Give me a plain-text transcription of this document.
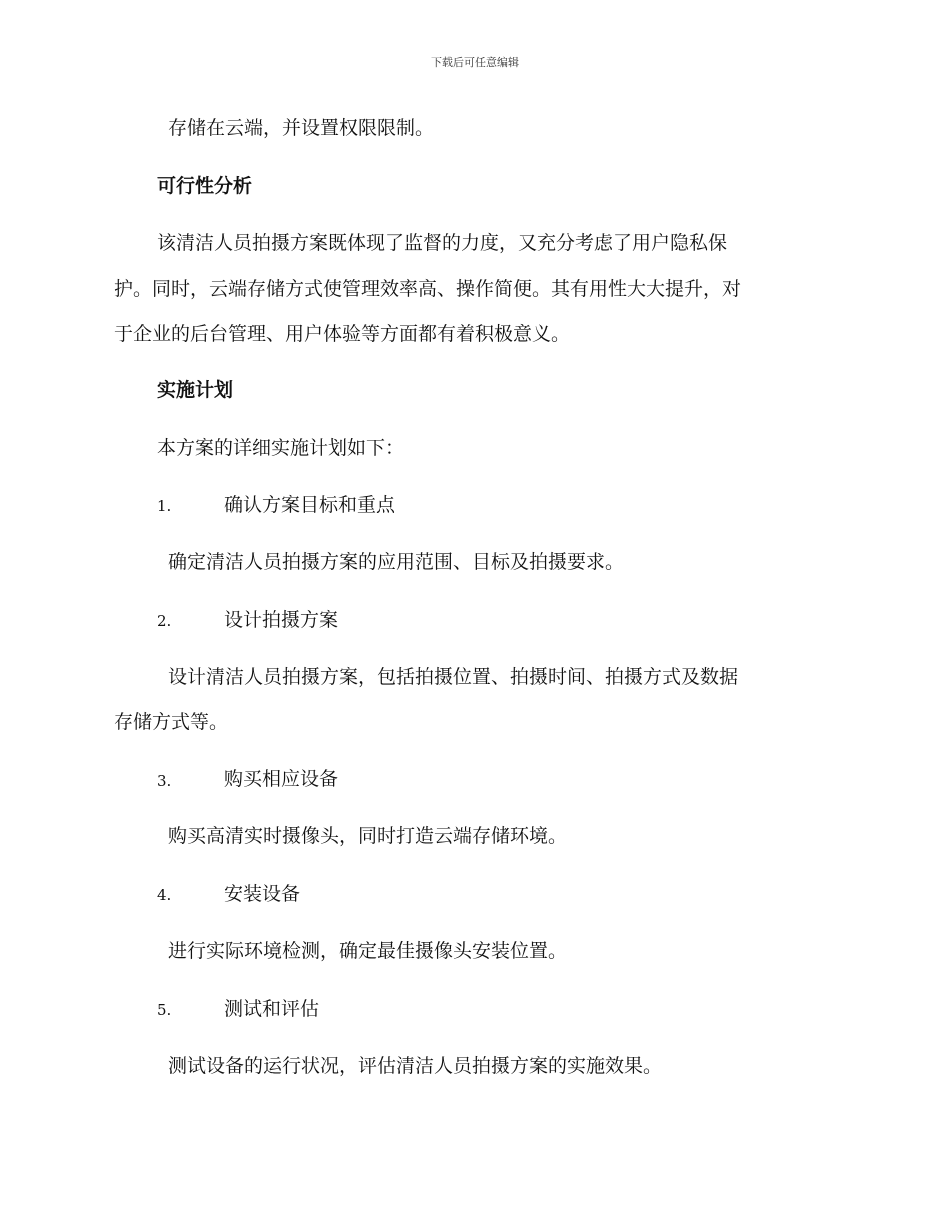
下载后可任意编辑
存储在云端，并设置权限限制。
可行性分析
该清洁人员拍摄方案既体现了监督的力度，又充分考虑了用户隐私保
护。同时，云端存储方式使管理效率高、操作简便。其有用性大大提升，对
于企业的后台管理、用户体验等方面都有着积极意义。
实施计划
本方案的详细实施计划如下：
1.	确认方案目标和重点
确定清洁人员拍摄方案的应用范围、目标及拍摄要求。
2.	设计拍摄方案
设计清洁人员拍摄方案，包括拍摄位置、拍摄时间、拍摄方式及数据
存储方式等。
3.	购买相应设备
购买高清实时摄像头，同时打造云端存储环境。
4.	安装设备
进行实际环境检测，确定最佳摄像头安装位置。
5.	测试和评估
测试设备的运行状况，评估清洁人员拍摄方案的实施效果。
